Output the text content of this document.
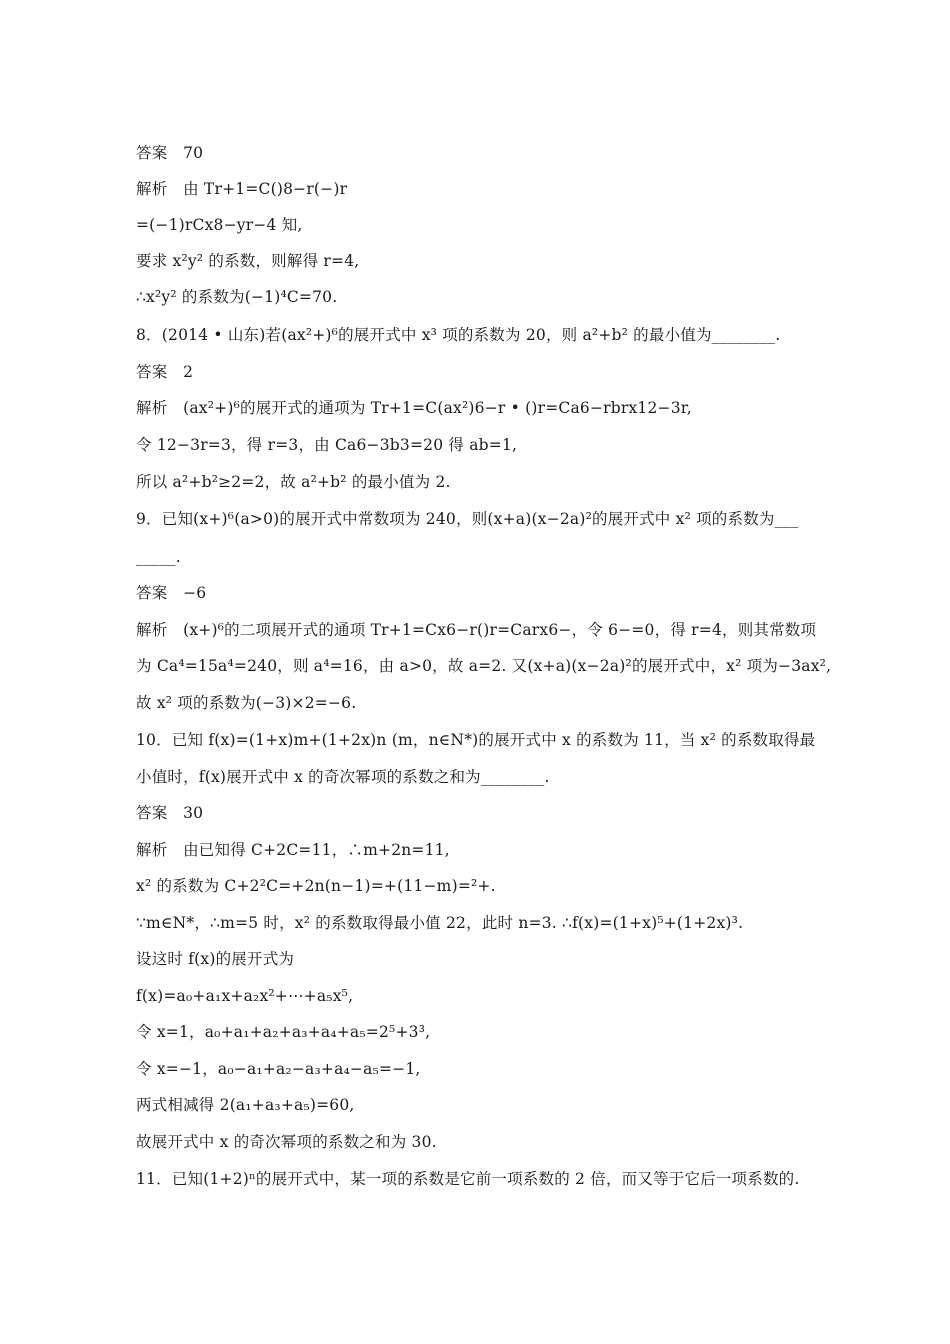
答案　70
解析　由 Tr+1=C()8−r(−)r
=(−1)rCx8−yr−4 知,
要求 x²y² 的系数，则解得 r=4,
∴x²y² 的系数为(−1)⁴C=70.
8．(2014 • 山东)若(ax²+)⁶的展开式中 x³ 项的系数为 20，则 a²+b² 的最小值为________.
答案　2
解析　(ax²+)⁶的展开式的通项为 Tr+1=C(ax²)6−r • ()r=Ca6−rbrx12−3r,
令 12−3r=3，得 r=3，由 Ca6−3b3=20 得 ab=1,
所以 a²+b²≥2=2，故 a²+b² 的最小值为 2.
9．已知(x+)⁶(a>0)的展开式中常数项为 240，则(x+a)(x−2a)²的展开式中 x² 项的系数为___
_____.
答案　−6
解析　(x+)⁶的二项展开式的通项 Tr+1=Cx6−r()r=Carx6−，令 6−=0，得 r=4，则其常数项
为 Ca⁴=15a⁴=240，则 a⁴=16，由 a>0，故 a=2. 又(x+a)(x−2a)²的展开式中，x² 项为−3ax²,
故 x² 项的系数为(−3)×2=−6.
10．已知 f(x)=(1+x)m+(1+2x)n (m，n∈N*)的展开式中 x 的系数为 11，当 x² 的系数取得最
小值时，f(x)展开式中 x 的奇次幂项的系数之和为________.
答案　30
解析　由已知得 C+2C=11，∴m+2n=11,
x² 的系数为 C+2²C=+2n(n−1)=+(11−m)=²+.
∵m∈N*，∴m=5 时，x² 的系数取得最小值 22，此时 n=3. ∴f(x)=(1+x)⁵+(1+2x)³.
设这时 f(x)的展开式为
f(x)=a₀+a₁x+a₂x²+⋯+a₅x⁵,
令 x=1，a₀+a₁+a₂+a₃+a₄+a₅=2⁵+3³,
令 x=−1，a₀−a₁+a₂−a₃+a₄−a₅=−1,
两式相减得 2(a₁+a₃+a₅)=60,
故展开式中 x 的奇次幂项的系数之和为 30.
11．已知(1+2)ⁿ的展开式中，某一项的系数是它前一项系数的 2 倍，而又等于它后一项系数的.
